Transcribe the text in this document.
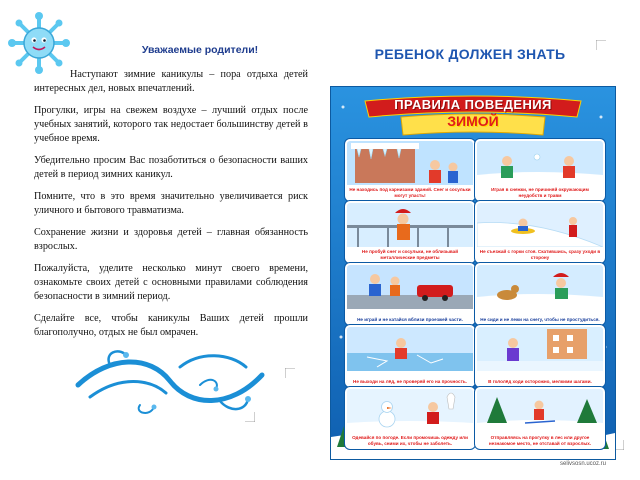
Уважаемые родители!

Наступают зимние каникулы – пора отдыха детей интересных дел, новых впечатлений.

Прогулки, игры на свежем воздухе – лучший отдых после учебных занятий, которого так недостает большинству детей в учебное время.

Убедительно просим Вас позаботиться о безопасности ваших детей в период зимних каникул.

Помните, что в это время значительно увеличивается риск уличного и бытового травматизма.

Сохранение жизни и здоровья детей – главная обязанность взрослых.

Пожалуйста, уделите несколько минут своего времени, ознакомьте своих детей с основными правилами соблюдения безопасности в зимний период.

Сделайте все, чтобы каникулы Ваших детей прошли благополучно, отдых не был омрачен.

РЕБЕНОК ДОЛЖЕН ЗНАТЬ
ПРАВИЛА ПОВЕДЕНИЯ
ЗИМОЙ
Не находись под карнизами зданий. Снег и сосульки могут упасть!
Играя в снежки, не причиняй окружающим неудобств и травм
Не пробуй снег и сосульки, не облизывай металлические предметы
Не съезжай с горки стоя. Скатившись, сразу уходи в сторону
Не играй и не катайся вблизи проезжей части.	Не сиди и не лежи на снегу, чтобы не простудиться.
Не выходи на лёд, не проверяй его на прочность.	В гололёд ходи осторожно, мелкими шагами.
Одевайся по погоде. Если промочишь одежду или обувь, сними их, чтобы не заболеть.
Отправляясь на прогулку в лес или другое незнакомое место, не отставай от взрослых.
selivsosn.ucoz.ru
